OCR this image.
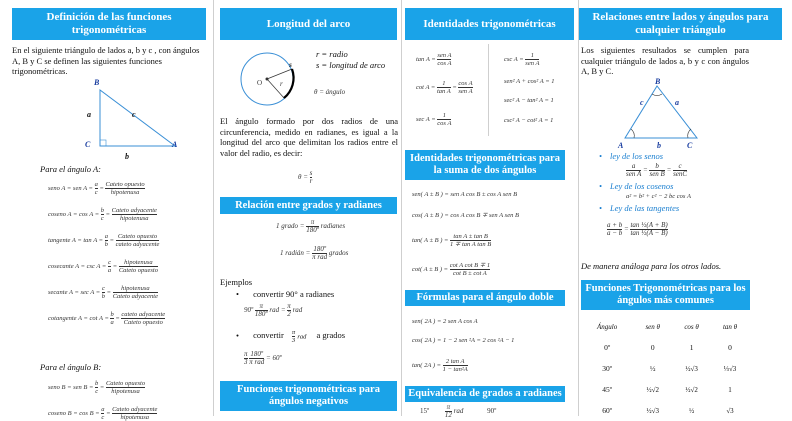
Definición de las funciones trigonométricas
En el siguiente triángulo de lados a, b y c , con ángulos A, B y C se definen las siguientes funciones trigonométricas.
B
C	A
a	c
b
Para el ángulo A:
seno A = sen $A = \frac{a}{c} = \frac{\text{Cateto opuesto}}{\text{hipotenusa}}$
coseno $A = \cos A = \frac{b}{c} = \frac{\text{Cateto adyacente}}{\text{hipotenusa}}$
tangente $A = \tan A = \frac{a}{b} = \frac{\text{Cateto opuesto}}{\text{cateto adyacente}}$
cosecante $A = \csc A = \frac{c}{a} = \frac{\text{hipotenusa}}{\text{Cateto opuesto}}$
secante $A = \sec A = \frac{c}{b} = \frac{\text{hipotenusa}}{\text{Cateto adyacente}}$
cotangente $A = \cot A = \frac{b}{a} = \frac{\text{cateto adyacente}}{\text{Cateto opuesto}}$
Para el ángulo B:
seno B = sen $B = \frac{b}{c} = \frac{\text{Cateto opuesto}}{\text{hipotenusa}}$
coseno $B = \cos B = \frac{a}{c} = \frac{\text{Cateto adyacente}}{\text{hipotenusa}}$
Longitud del arco
O
s
r
r = radio
s = longitud de arco
θ = ángulo
El ángulo formado por dos radios de una circunferencia, medido en radianes, es igual a la longitud del arco que delimitan los radios entre el valor del radio, es decir:
$\theta = \frac{s}{r}$
Relación entre grados y radianes
1 grado = $\frac{\pi}{\text{180º}}$ radianes
1 radián = $\frac{\text{180º}}{\text{π rad}}$ grados
Ejemplos
• convertir 90° a radianes
90º $\frac{\pi}{\text{180º}}$ rad = $\frac{\pi}{2}$ rad
• convertir $\frac{\pi}{3}$ rad a grados
$\frac{\pi}{3}$
$\frac{\text{180º}}{\text{π rad}}$ = 60º
Funciones trigonométricas para ángulos negativos
Identidades trigonométricas
$\tan A = \frac{\text{sen A}}{\text{cos A}}$
$\cot A = \frac{1}{\text{tan A}} = \frac{\text{cos A}}{\text{sen A}}$
$\sec A = \frac{1}{\text{cos A}}$
$\csc A = \frac{1}{\text{sen A}}$
sen² A + cos² A = 1
sec² A − tan² A = 1
csc² A − cot² A = 1
Identidades trigonométricas para la suma de dos ángulos
sen( A ± B ) = sen A cos B ± cos A sen B
cos( A ± B ) = cos A cos B ∓ sen A sen B
tan( A ± B ) = $\frac{\text{tan A ± tan B}}{\text{1 ∓ tan A tan B}}$
cot( A ± B ) = $\frac{\text{cot A cot B ∓ 1}}{\text{cot B ± cot A}}$
Fórmulas para el ángulo doble
sen( 2A ) = 2 sen A cos A
cos( 2A ) = 1 − 2 sen ²A = 2 cos ²A − 1
tan( 2A ) = $\frac{\text{2 tan A}}{\text{1 − tan²A}}$
Equivalencia de grados a radianes
15º $\frac{\pi}{12}$ rad	90º
Relaciones entre lados y ángulos para cualquier triángulo
Los siguientes resultados se cumplen para cualquier triángulo de lados a, b y c con ángulos A, B y C.
B
c	a
A	b	C
• ley de los senos
$\frac{a}{\text{sen A}} = \frac{b}{\text{sen B}} = \frac{c}{\text{senC}}$
• Ley de los cosenos
a² = b² + c² − 2 bc cos A
• Ley de las tangentes
$\frac{a + b}{a - b} = \frac{\text{tan ½(A + B)}}{\text{tan ½(A − B)}}$
De manera análoga para los otros lados.
Funciones Trigonométricas para los ángulos más comunes
Ángulo	sen θ	cos θ	tan θ
0º	0	1	0
30º	½	½√3	⅓√3
45º	½√2	½√2	1
60º	½√3	½	√3
